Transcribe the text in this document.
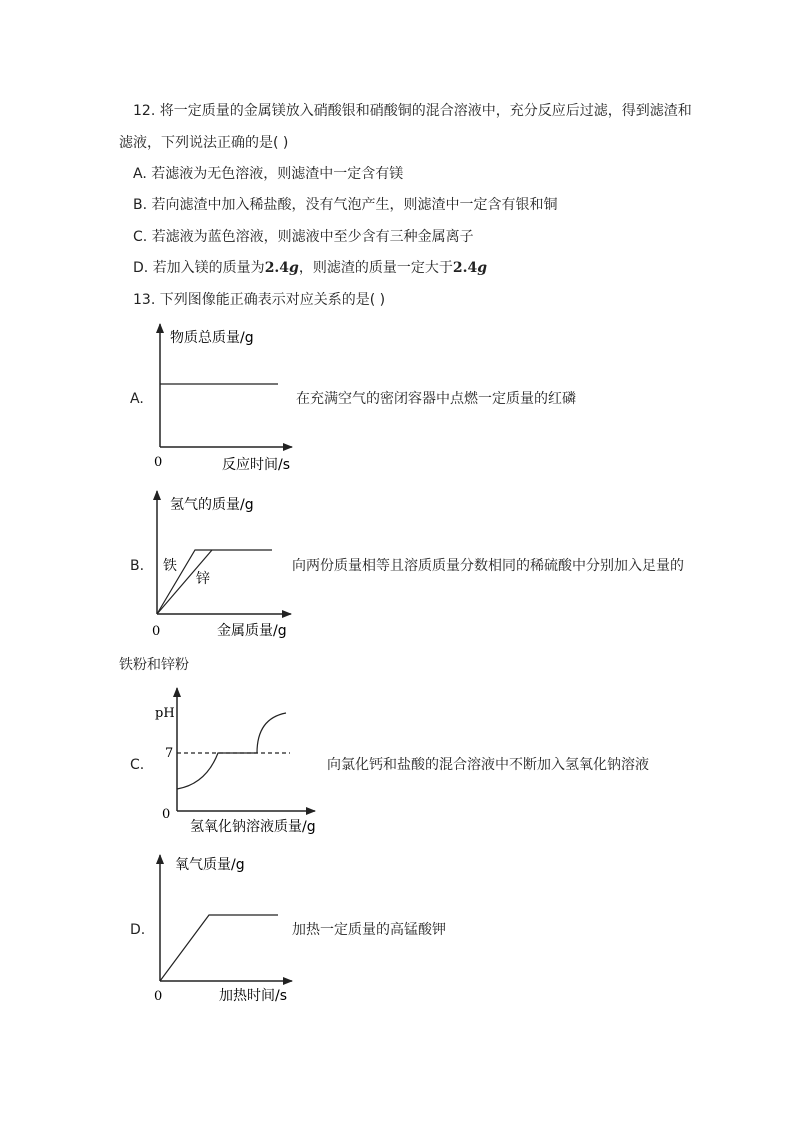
12. 将一定质量的金属镁放入硝酸银和硝酸铜的混合溶液中，充分反应后过滤，得到滤渣和
滤液，下列说法正确的是( )
A. 若滤液为无色溶液，则滤渣中一定含有镁
B. 若向滤渣中加入稀盐酸，没有气泡产生，则滤渣中一定含有银和铜
C. 若滤液为蓝色溶液，则滤液中至少含有三种金属离子
D. 若加入镁的质量为2.4g，则滤渣的质量一定大于2.4g
13. 下列图像能正确表示对应关系的是( )
A.
物质总质量/g
反应时间/s
0
在充满空气的密闭容器中点燃一定质量的红磷
B.
氢气的质量/g
金属质量/g
0
铁
锌
向两份质量相等且溶质质量分数相同的稀硫酸中分别加入足量的
铁粉和锌粉
C.
pH
7
0
氢氧化钠溶液质量/g
向氯化钙和盐酸的混合溶液中不断加入氢氧化钠溶液
D.
氧气质量/g
加热时间/s
0
加热一定质量的高锰酸钾
